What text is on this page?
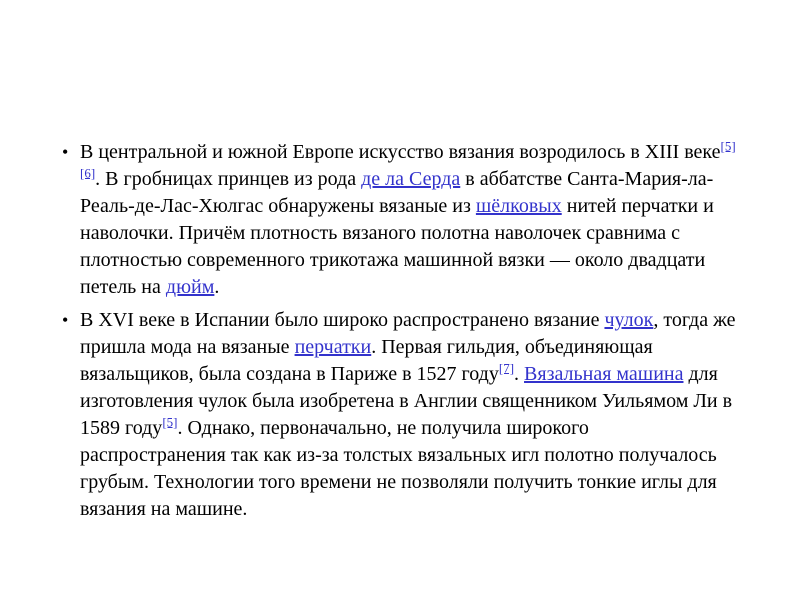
• В центральной и южной Европе искусство вязания возродилось в XIII веке[5][6]. В гробницах принцев из рода де ла Серда в аббатстве Санта-Мария-ла-Реаль-де-Лас-Хюлгас обнаружены вязаные из шёлковых нитей перчатки и наволочки. Причём плотность вязаного полотна наволочек сравнима с плотностью современного трикотажа машинной вязки — около двадцати петель на дюйм.
• В XVI веке в Испании было широко распространено вязание чулок, тогда же пришла мода на вязаные перчатки. Первая гильдия, объединяющая вязальщиков, была создана в Париже в 1527 году[7]. Вязальная машина для изготовления чулок была изобретена в Англии священником Уильямом Ли в 1589 году[5]. Однако, первоначально, не получила широкого распространения так как из-за толстых вязальных игл полотно получалось грубым. Технологии того времени не позволяли получить тонкие иглы для вязания на машине.
